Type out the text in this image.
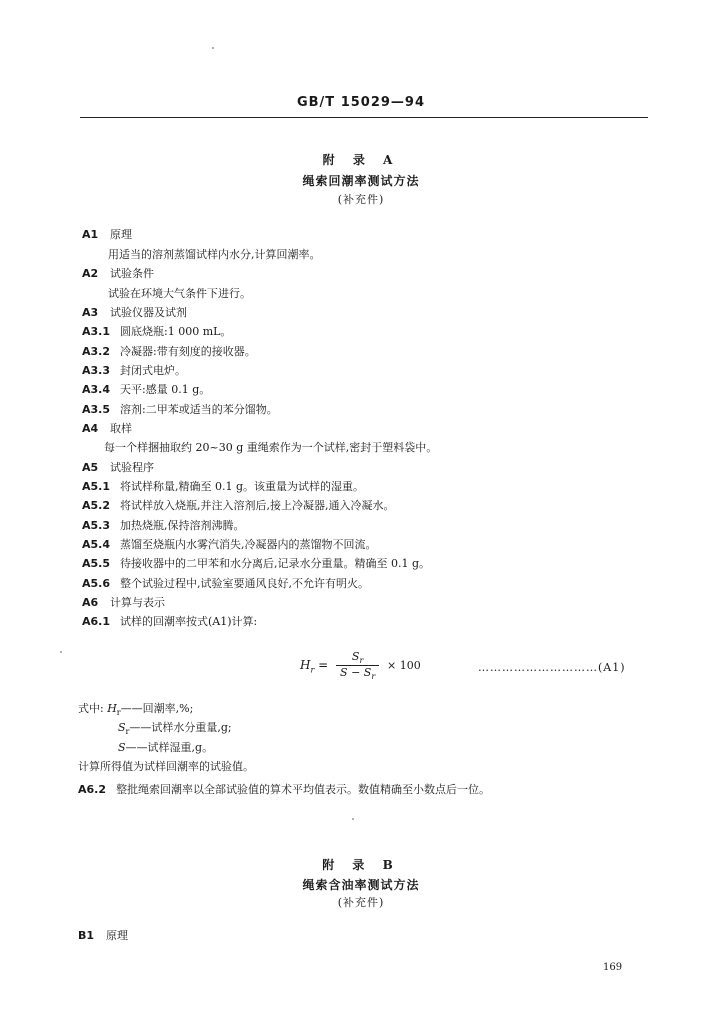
GB/T 15029—94
附 录 A
绳索回潮率测试方法
(补充件)
A1 原理
用适当的溶剂蒸馏试样内水分,计算回潮率。
A2 试验条件
试验在环境大气条件下进行。
A3 试验仪器及试剂
A3.1 圆底烧瓶:1 000 mL。
A3.2 冷凝器:带有刻度的接收器。
A3.3 封闭式电炉。
A3.4 天平:感量 0.1 g。
A3.5 溶剂:二甲苯或适当的苯分馏物。
A4 取样
每一个样捆抽取约 20~30 g 重绳索作为一个试样,密封于塑料袋中。
A5 试验程序
A5.1 将试样称量,精确至 0.1 g。该重量为试样的湿重。
A5.2 将试样放入烧瓶,并注入溶剂后,接上冷凝器,通入冷凝水。
A5.3 加热烧瓶,保持溶剂沸腾。
A5.4 蒸馏至烧瓶内水雾汽消失,冷凝器内的蒸馏物不回流。
A5.5 待接收器中的二甲苯和水分离后,记录水分重量。精确至 0.1 g。
A5.6 整个试验过程中,试验室要通风良好,不允许有明火。
A6 计算与表示
A6.1 试样的回潮率按式(A1)计算:
$H_r = \frac{S_r}{S - S_r} \times 100$	…………………………(A1)
式中: $H_r——$回潮率,%;
$S_r——$试样水分重量,g;
S——试样湿重,g。
计算所得值为试样回潮率的试验值。
A6.2 整批绳索回潮率以全部试验值的算术平均值表示。数值精确至小数点后一位。
附 录 B
绳索含油率测试方法
(补充件)
B1 原理
169
